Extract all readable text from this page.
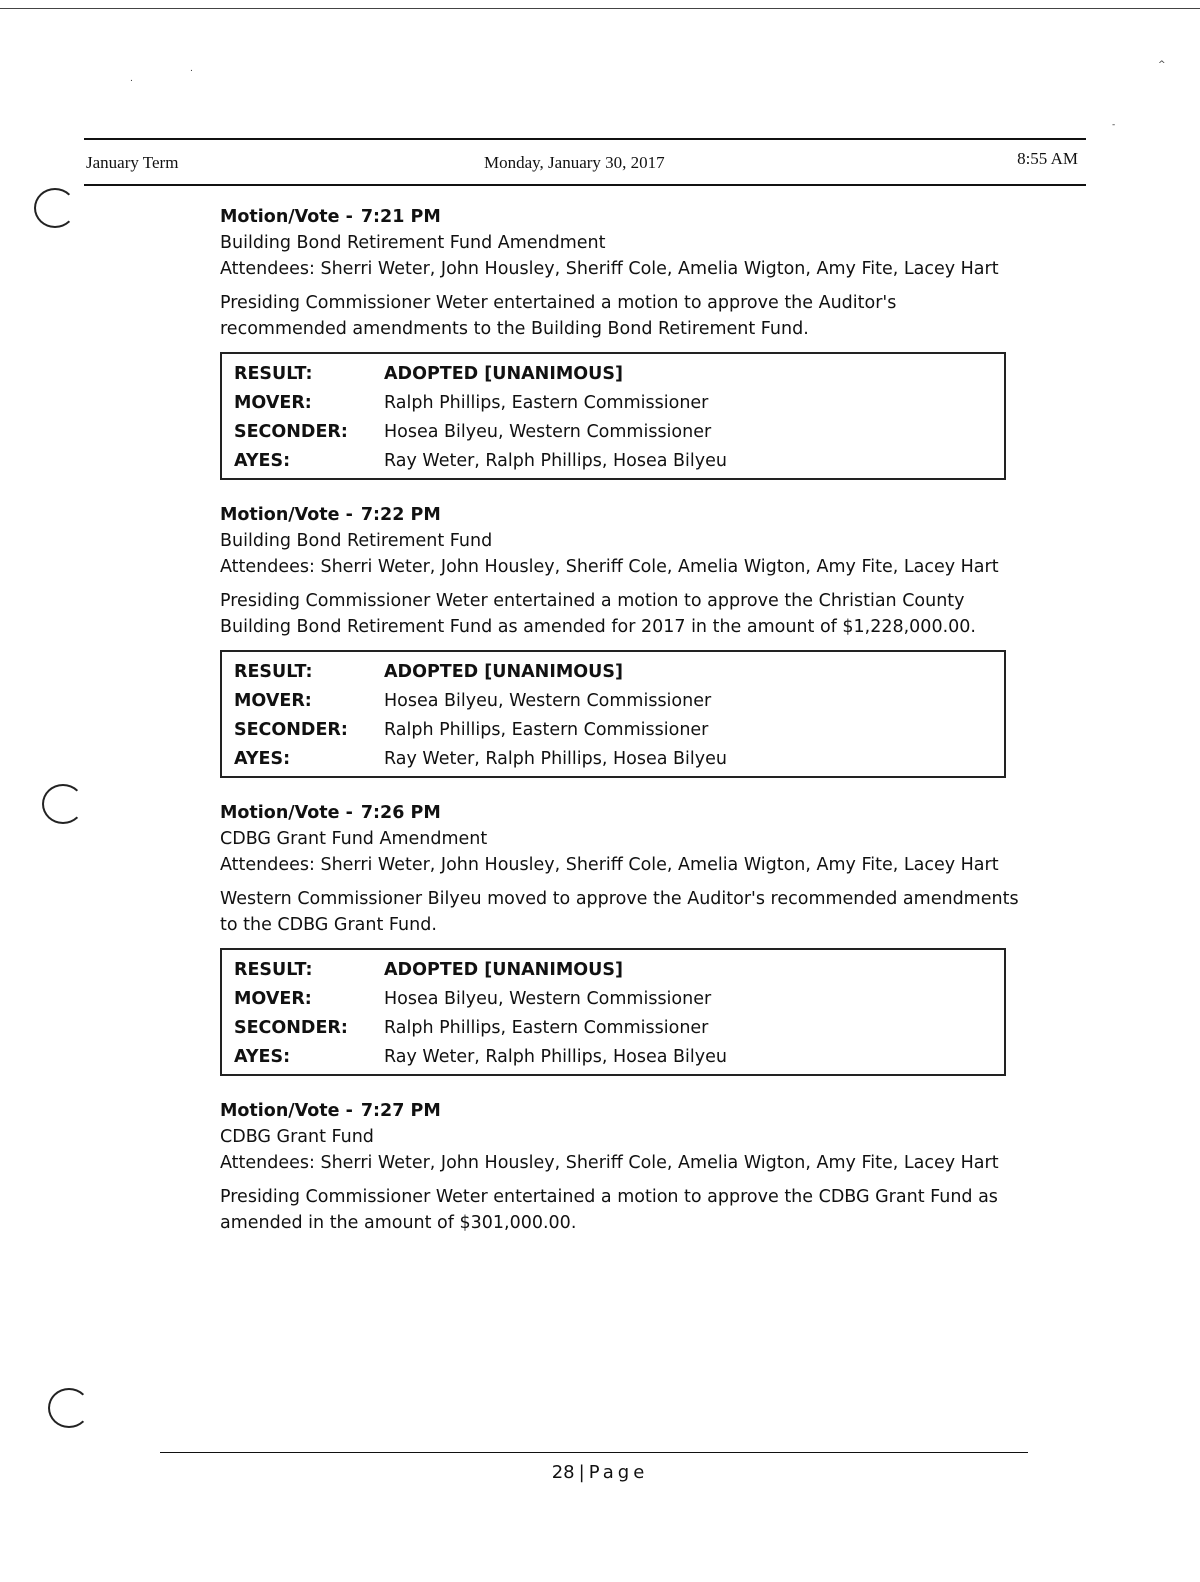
.
.	^
-
January Term	Monday, January 30, 2017	8:55 AM
Motion/Vote - 7:21 PM
Building Bond Retirement Fund Amendment
Attendees: Sherri Weter, John Housley, Sheriff Cole, Amelia Wigton, Amy Fite, Lacey Hart
Presiding Commissioner Weter entertained a motion to approve the Auditor's recommended amendments to the Building Bond Retirement Fund.
RESULT:	ADOPTED [UNANIMOUS]
MOVER:	Ralph Phillips, Eastern Commissioner
SECONDER:	Hosea Bilyeu, Western Commissioner
AYES:	Ray Weter, Ralph Phillips, Hosea Bilyeu
Motion/Vote - 7:22 PM
Building Bond Retirement Fund
Attendees: Sherri Weter, John Housley, Sheriff Cole, Amelia Wigton, Amy Fite, Lacey Hart
Presiding Commissioner Weter entertained a motion to approve the Christian County Building Bond Retirement Fund as amended for 2017 in the amount of $1,228,000.00.
RESULT:	ADOPTED [UNANIMOUS]
MOVER:	Hosea Bilyeu, Western Commissioner
SECONDER:	Ralph Phillips, Eastern Commissioner
AYES:	Ray Weter, Ralph Phillips, Hosea Bilyeu
Motion/Vote - 7:26 PM
CDBG Grant Fund Amendment
Attendees: Sherri Weter, John Housley, Sheriff Cole, Amelia Wigton, Amy Fite, Lacey Hart
Western Commissioner Bilyeu moved to approve the Auditor's recommended amendments to the CDBG Grant Fund.
RESULT:	ADOPTED [UNANIMOUS]
MOVER:	Hosea Bilyeu, Western Commissioner
SECONDER:	Ralph Phillips, Eastern Commissioner
AYES:	Ray Weter, Ralph Phillips, Hosea Bilyeu
Motion/Vote - 7:27 PM
CDBG Grant Fund
Attendees: Sherri Weter, John Housley, Sheriff Cole, Amelia Wigton, Amy Fite, Lacey Hart
Presiding Commissioner Weter entertained a motion to approve the CDBG Grant Fund as amended in the amount of $301,000.00.
28 | Page
